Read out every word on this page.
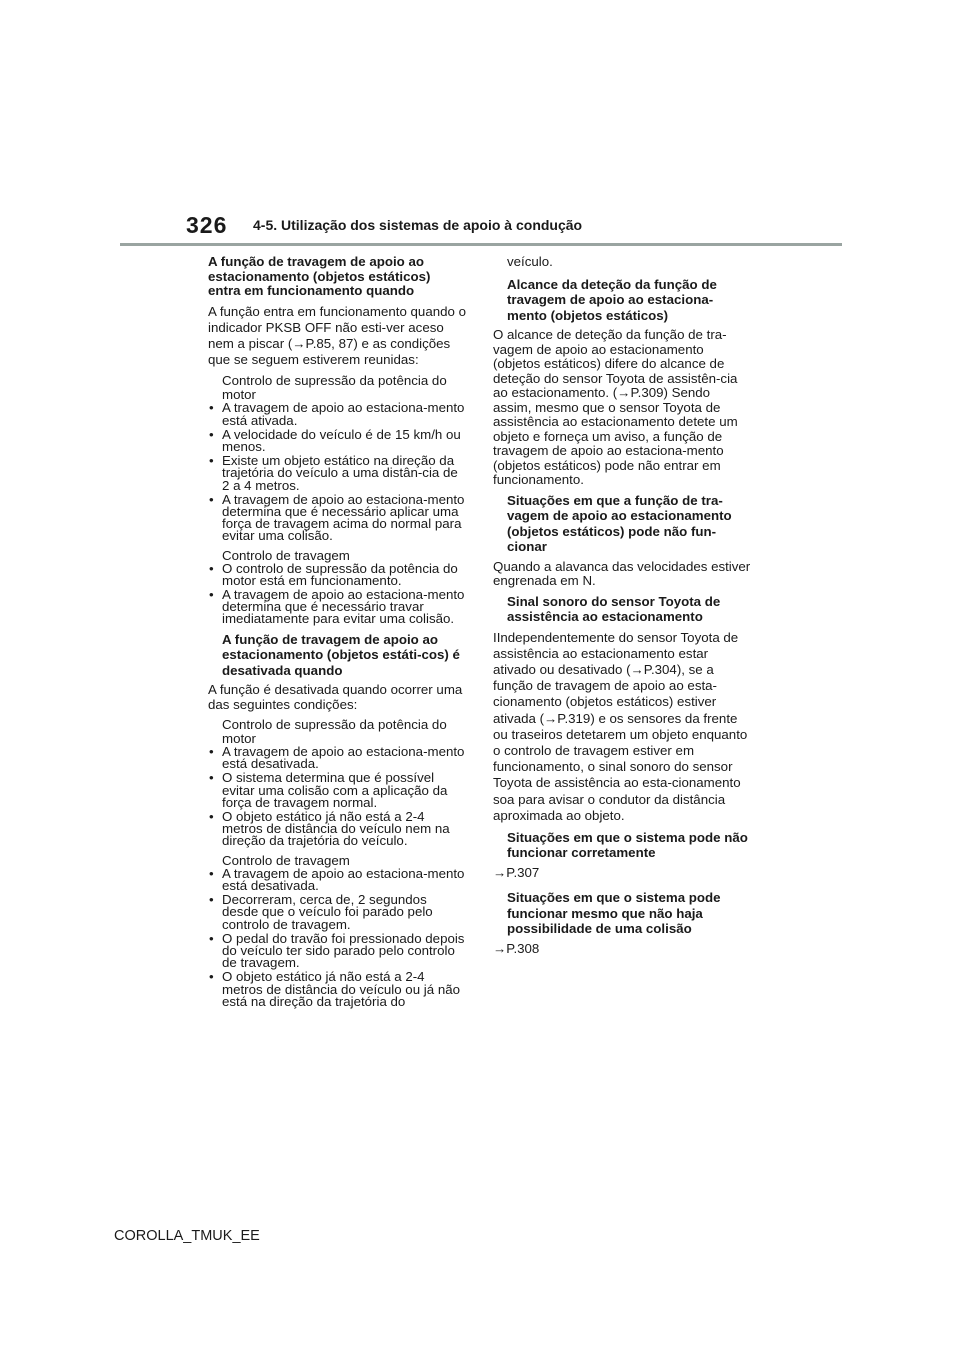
326 4-5. Utilização dos sistemas de apoio à condução

A função de travagem de apoio ao estacionamento (objetos estáticos) entra em funcionamento quando

A função entra em funcionamento quando o indicador PKSB OFF não esti-ver aceso nem a piscar (→P.85, 87) e as condições que se seguem estiverem reunidas:

Controlo de supressão da potência do motor

• A travagem de apoio ao estaciona-mento está ativada.
• A velocidade do veículo é de 15 km/h ou menos.
• Existe um objeto estático na direção da trajetória do veículo a uma distân-cia de 2 a 4 metros.
• A travagem de apoio ao estaciona-mento determina que é necessário aplicar uma força de travagem acima do normal para evitar uma colisão.

Controlo de travagem

• O controlo de supressão da potência do motor está em funcionamento.
• A travagem de apoio ao estaciona-mento determina que é necessário travar imediatamente para evitar uma colisão.

A função de travagem de apoio ao estacionamento (objetos estáti-cos) é desativada quando

A função é desativada quando ocorrer uma das seguintes condições:

Controlo de supressão da potência do motor

• A travagem de apoio ao estaciona-mento está desativada.
• O sistema determina que é possível evitar uma colisão com a aplicação da força de travagem normal.
• O objeto estático já não está a 2-4 metros de distância do veículo nem na direção da trajetória do veículo.

Controlo de travagem

• A travagem de apoio ao estaciona-mento está desativada.
• Decorreram, cerca de, 2 segundos desde que o veículo foi parado pelo controlo de travagem.
• O pedal do travão foi pressionado depois do veículo ter sido parado pelo controlo de travagem.
• O objeto estático já não está a 2-4 metros de distância do veículo ou já não está na direção da trajetória do

veículo.

Alcance da deteção da função de travagem de apoio ao estaciona-mento (objetos estáticos)

O alcance de deteção da função de tra-vagem de apoio ao estacionamento (objetos estáticos) difere do alcance de deteção do sensor Toyota de assistên-cia ao estacionamento. (→P.309) Sendo assim, mesmo que o sensor Toyota de assistência ao estacionamento detete um objeto e forneça um aviso, a função de travagem de apoio ao estaciona-mento (objetos estáticos) pode não entrar em funcionamento.

Situações em que a função de tra-vagem de apoio ao estacionamento (objetos estáticos) pode não fun-cionar

Quando a alavanca das velocidades estiver engrenada em N.

Sinal sonoro do sensor Toyota de assistência ao estacionamento

IIndependentemente do sensor Toyota de assistência ao estacionamento estar ativado ou desativado (→P.304), se a função de travagem de apoio ao esta-cionamento (objetos estáticos) estiver ativada (→P.319) e os sensores da frente ou traseiros detetarem um objeto enquanto o controlo de travagem estiver em funcionamento, o sinal sonoro do sensor Toyota de assistência ao esta-cionamento soa para avisar o condutor da distância aproximada ao objeto.

Situações em que o sistema pode não funcionar corretamente

→P.307

Situações em que o sistema pode funcionar mesmo que não haja possibilidade de uma colisão

→P.308

COROLLA_TMUK_EE
